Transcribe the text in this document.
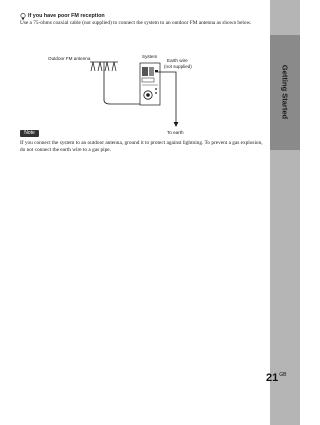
If you have poor FM reception
Use a 75-ohms coaxial cable (not supplied) to connect the system to an outdoor FM antenna as shown below.
Outdoor FM antenna	System
Earth wire
(not supplied)
To earth
Note
If you connect the system to an outdoor antenna, ground it to protect against lightning. To prevent a gas explosion, do not connect the earth wire to a gas pipe.
Getting Started
$21^{GB}$
